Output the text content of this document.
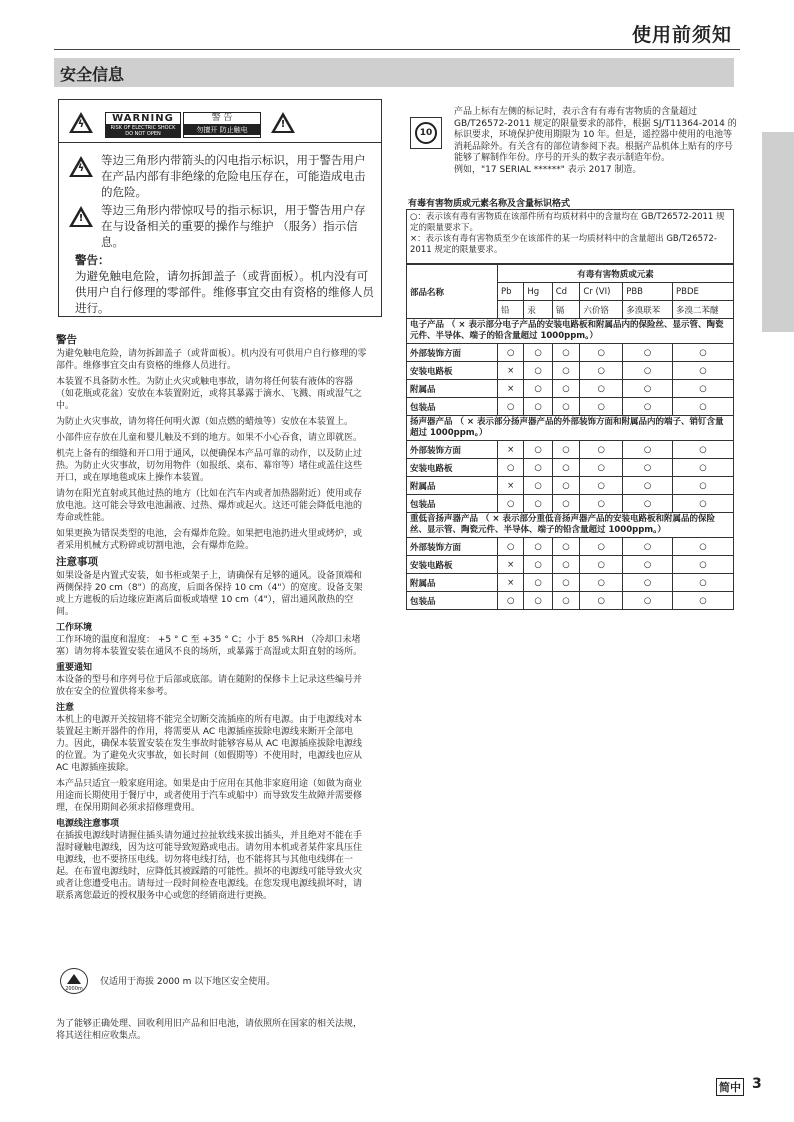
使用前须知
安全信息
ϟ
WARNING
RISK OF ELECTRIC SHOCK DO NOT OPEN
警 告
勿擅开 防止触电	!
ϟ
等边三角形内带箭头的闪电指示标识，用于警告用户在产品内部有非绝缘的危险电压存在，可能造成电击的危险。
!
等边三角形内带惊叹号的指示标识，用于警告用户存在与设备相关的重要的操作与维护 （服务）指示信息。
警告：
为避免触电危险，请勿拆卸盖子（或背面板）。机内没有可供用户自行修理的零部件。维修事宜交由有资格的维修人员进行。
警告

为避免触电危险，请勿拆卸盖子（或背面板）。机内没有可供用户自行修理的零部件。维修事宜交由有资格的维修人员进行。

本装置不具备防水性。为防止火灾或触电事故，请勿将任何装有液体的容器（如花瓶或花盆）安放在本装置附近，或将其暴露于滴水、飞溅、雨或湿气之中。

为防止火灾事故，请勿将任何明火源（如点燃的蜡烛等）安放在本装置上。

小部件应存放在儿童和婴儿触及不到的地方。如果不小心吞食，请立即就医。

机壳上备有的细缝和开口用于通风，以便确保本产品可靠的动作，以及防止过热。为防止火灾事故，切勿用物件（如报纸、桌布、幕帘等）堵住或盖住这些开口，或在厚地毯或床上操作本装置。

请勿在阳光直射或其他过热的地方（比如在汽车内或者加热器附近）使用或存放电池。这可能会导致电池漏液、过热、爆炸或起火。这还可能会降低电池的寿命或性能。

如果更换为错误类型的电池，会有爆炸危险。如果把电池扔进火里或烤炉，或者采用机械方式粉碎或切割电池，会有爆炸危险。

注意事项

如果设备是内置式安装，如书柜或架子上，请确保有足够的通风。设备顶端和两侧保持 20 cm（8"）的高度，后面各保持 10 cm（4"）的宽度。设备支架或上方遮板的后边缘应距离后面板或墙壁 10 cm（4"），留出通风散热的空间。

工作环境

工作环境的温度和湿度： +5 ° C 至 +35 ° C；小于 85 %RH （冷却口未堵塞）请勿将本装置安装在通风不良的场所，或暴露于高湿或太阳直射的场所。

重要通知

本设备的型号和序列号位于后部或底部。请在随附的保修卡上记录这些编号并放在安全的位置供将来参考。

注意

本机上的电源开关按钮将不能完全切断交流插座的所有电源。由于电源线对本装置起主断开器件的作用，将需要从 AC 电源插座拔除电源线来断开全部电力。因此，确保本装置安装在发生事故时能够容易从 AC 电源插座拔除电源线的位置。为了避免火灾事故，如长时间（如假期等）不使用时，电源线也应从 AC 电源插座拔除。

本产品只适宜一般家庭用途。如果是由于应用在其他非家庭用途（如做为商业用途而长期使用于餐厅中，或者使用于汽车或船中）而导致发生故障并需要修理，在保用期间必须求招修理费用。

电源线注意事项

在插拔电源线时请握住插头请勿通过拉扯软线来拔出插头，并且绝对不能在手湿时碰触电源线，因为这可能导致短路或电击。请勿用本机或者某件家具压住电源线，也不要挤压电线。切勿将电线打结，也不能将其与其他电线绑在一起。在布置电源线时，应降低其被踩踏的可能性。损坏的电源线可能导致火灾或者让您遭受电击。请每过一段时间检查电源线。在您发现电源线损坏时，请联系离您最近的授权服务中心或您的经销商进行更换。

2000m
仅适用于海拔 2000 m 以下地区安全使用。
为了能够正确处理、回收利用旧产品和旧电池，请依照所在国家的相关法规，将其送往相应收集点。
10

产品上标有左侧的标记时，表示含有有毒有害物质的含量超过 GB/T26572-2011 规定的限量要求的部件，根据 SJ/T11364-2014 的标识要求，环境保护使用期限为 10 年。但是，遥控器中使用的电池等消耗品除外。有关含有的部位请参阅下表。根据产品机体上贴有的序号能够了解制作年份。序号的开头的数字表示制造年份。

例如，"17 SERIAL ******" 表示 2017 制造。

有毒有害物质或元素名称及含量标识格式

○：表示该有毒有害物质在该部件所有均质材料中的含量均在 GB/T26572-2011 规定的限量要求下。

×：表示该有毒有害物质至少在该部件的某一均质材料中的含量超出 GB/T26572-2011 规定的限量要求。

部品名称	有毒有害物质或元素					
	Pb	Hg	Cd	Cr (VI)	PBB	PBDE
	铅	汞	镉	六价铬	多溴联苯	多溴二苯醚
电子产品 （ × 表示部分电子产品的安装电路板和附属品内的保险丝、显示管、陶瓷元件、半导体、端子的铅含量超过 1000ppm。）						
外部装饰方面	○	○	○	○	○	○
安装电路板	×	○	○	○	○	○
附属品	×	○	○	○	○	○
包装品	○	○	○	○	○	○
扬声器产品 （ × 表示部分扬声器产品的外部装饰方面和附属品内的端子、销钉含量超过 1000ppm。）						
外部装饰方面	×	○	○	○	○	○
安装电路板	○	○	○	○	○	○
附属品	×	○	○	○	○	○
包装品	○	○	○	○	○	○
重低音扬声器产品 （ × 表示部分重低音扬声器产品的安装电路板和附属品的保险丝、显示管、陶瓷元件、半导体、端子的铅含量超过 1000ppm。）						
外部装饰方面	○	○	○	○	○	○
安装电路板	×	○	○	○	○	○
附属品	×	○	○	○	○	○
包装品	○	○	○	○	○	○
简中 3
